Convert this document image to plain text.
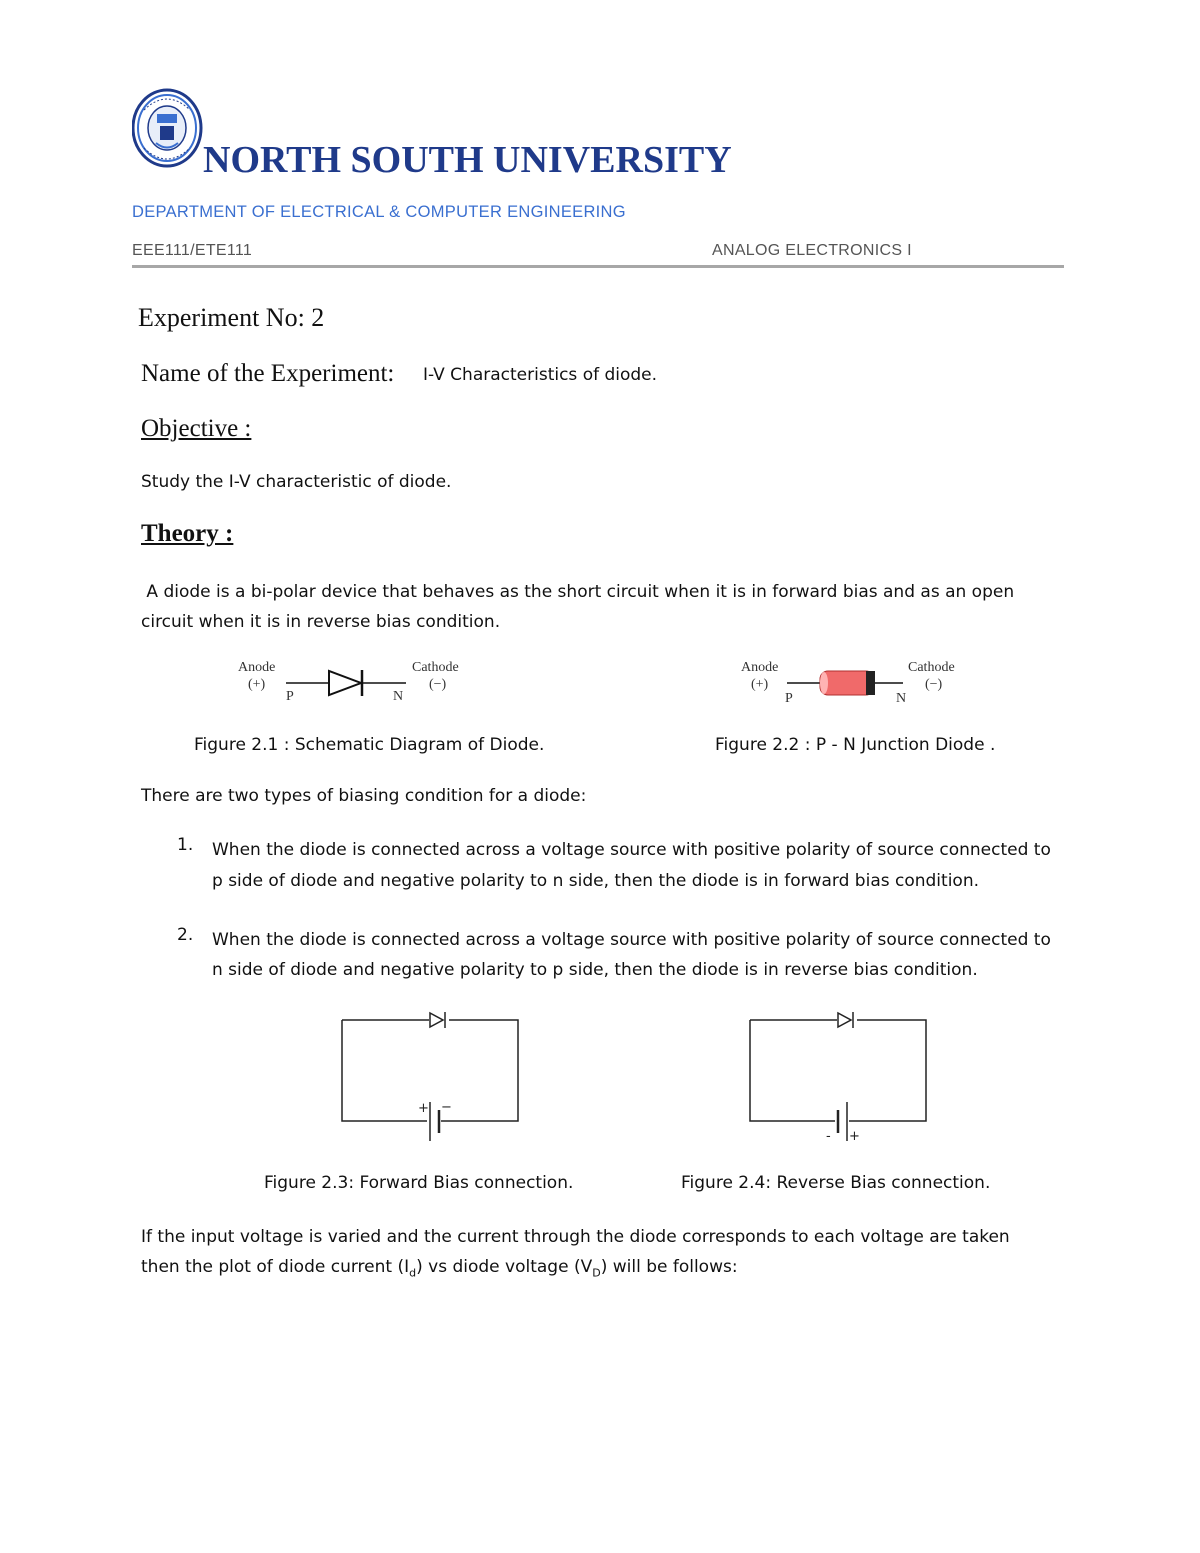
NORTH SOUTH UNIVERSITY
DEPARTMENT OF ELECTRICAL & COMPUTER ENGINEERING
EEE111/ETE111	ANALOG ELECTRONICS I
Experiment No: 2
Name of the Experiment: I-V Characteristics of diode.
Objective :
Study the I-V characteristic of diode.
Theory :
A diode is a bi-polar device that behaves as the short circuit when it is in forward bias and as an open circuit when it is in reverse bias condition.
Anode
(+)
Cathode
(−)
P	N
Anode
(+)
Cathode
(−)
P	N
Figure 2.1 : Schematic Diagram of Diode.	Figure 2.2 : P - N Junction Diode .
There are two types of biasing condition for a diode:
1. When the diode is connected across a voltage source with positive polarity of source connected to p side of diode and negative polarity to n side, then the diode is in forward bias condition.
2. When the diode is connected across a voltage source with positive polarity of source connected to n side of diode and negative polarity to p side, then the diode is in reverse bias condition.
+ −
- +
Figure 2.3: Forward Bias connection.	Figure 2.4: Reverse Bias connection.
If the input voltage is varied and the current through the diode corresponds to each voltage are taken then the plot of diode current $(I_d)$ vs diode voltage $(V_D)$ will be follows:
